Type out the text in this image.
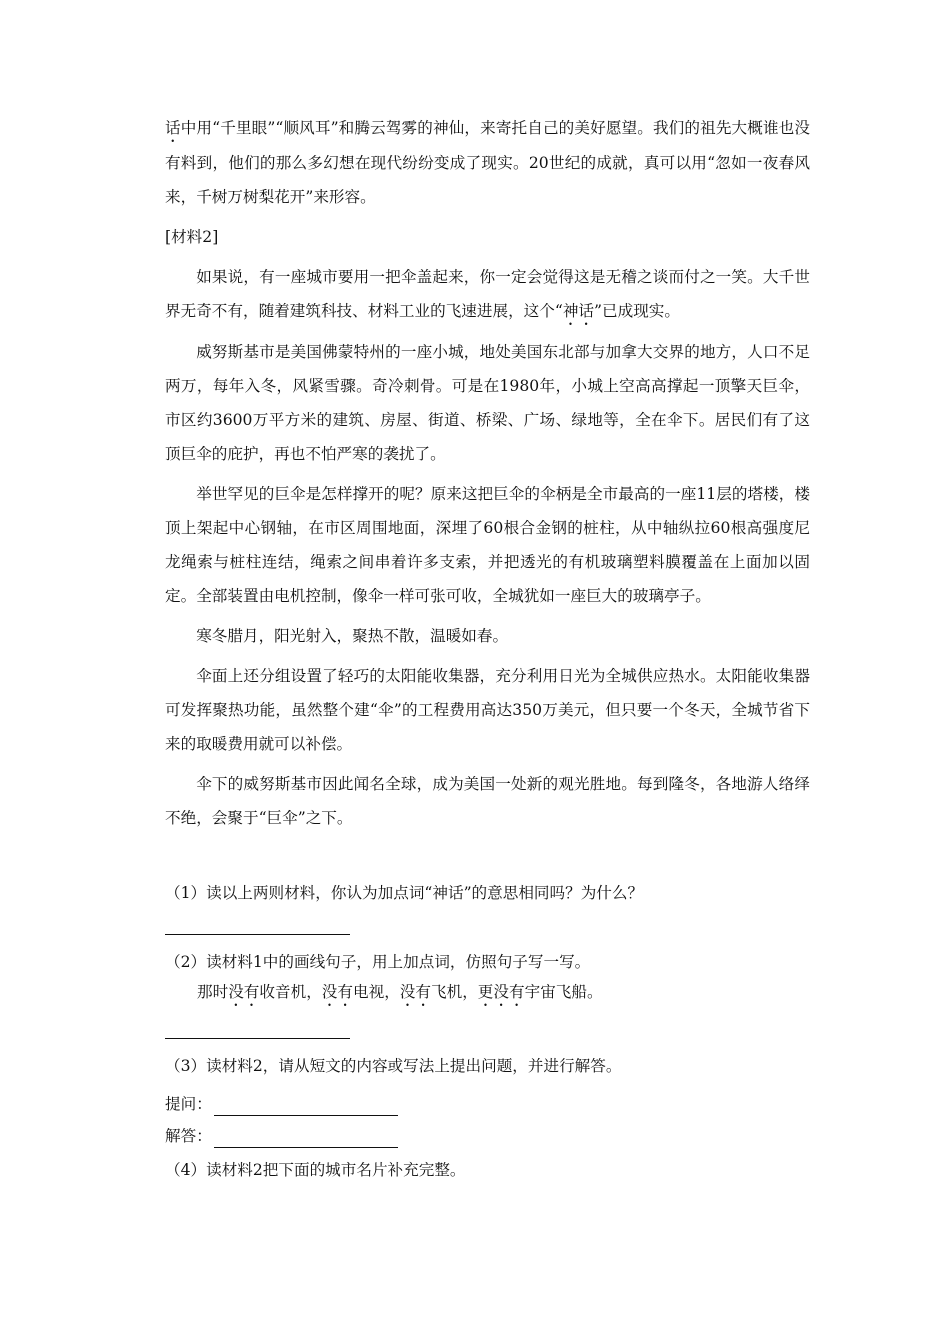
话中用“千里眼”“顺风耳”和腾云驾雾的神仙，来寄托自己的美好愿望。我们的祖先大概谁也没有料到，他们的那么多幻想在现代纷纷变成了现实。20世纪的成就，真可以用“忽如一夜春风来，千树万树梨花开”来形容。

[材料2]

如果说，有一座城市要用一把伞盖起来，你一定会觉得这是无稽之谈而付之一笑。大千世界无奇不有，随着建筑科技、材料工业的飞速进展，这个“神话”已成现实。

威努斯基市是美国佛蒙特州的一座小城，地处美国东北部与加拿大交界的地方，人口不足两万，每年入冬，风紧雪骤。奇冷刺骨。可是在1980年，小城上空高高撑起一顶擎天巨伞，市区约3600万平方米的建筑、房屋、街道、桥梁、广场、绿地等，全在伞下。居民们有了这顶巨伞的庇护，再也不怕严寒的袭扰了。

举世罕见的巨伞是怎样撑开的呢？原来这把巨伞的伞柄是全市最高的一座11层的塔楼，楼顶上架起中心钢轴，在市区周围地面，深埋了60根合金钢的桩柱，从中轴纵拉60根高强度尼龙绳索与桩柱连结，绳索之间串着许多支索，并把透光的有机玻璃塑料膜覆盖在上面加以固定。全部装置由电机控制，像伞一样可张可收，全城犹如一座巨大的玻璃亭子。

寒冬腊月，阳光射入，聚热不散，温暖如春。

伞面上还分组设置了轻巧的太阳能收集器，充分利用日光为全城供应热水。太阳能收集器可发挥聚热功能，虽然整个建“伞”的工程费用高达350万美元，但只要一个冬天，全城节省下来的取暖费用就可以补偿。

伞下的威努斯基市因此闻名全球，成为美国一处新的观光胜地。每到隆冬，各地游人络绎不绝，会聚于“巨伞”之下。

（1）读以上两则材料，你认为加点词“神话”的意思相同吗？为什么？
（2）读材料1中的画线句子，用上加点词，仿照句子写一写。
那时没有收音机，没有电视，没有飞机，更没有宇宙飞船。
（3）读材料2，请从短文的内容或写法上提出问题，并进行解答。
提问：
解答：
（4）读材料2把下面的城市名片补充完整。
